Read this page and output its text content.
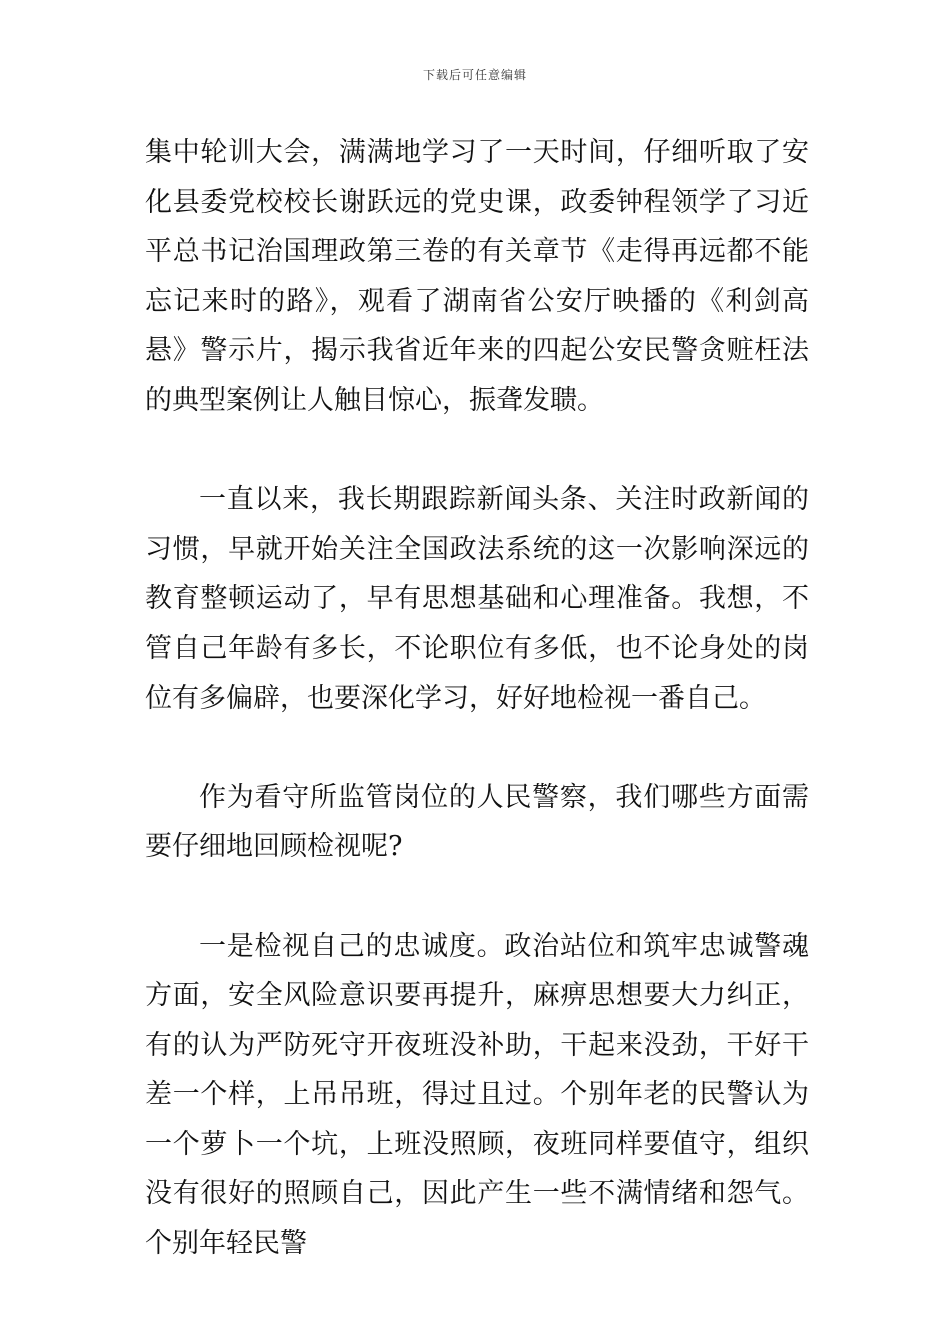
下载后可任意编辑

集中轮训大会，满满地学习了一天时间，仔细听取了安化县委党校校长谢跃远的党史课，政委钟程领学了习近平总书记治国理政第三卷的有关章节《走得再远都不能忘记来时的路》，观看了湖南省公安厅映播的《利剑高悬》警示片，揭示我省近年来的四起公安民警贪赃枉法的典型案例让人触目惊心，振聋发聩。

一直以来，我长期跟踪新闻头条、关注时政新闻的习惯，早就开始关注全国政法系统的这一次影响深远的教育整顿运动了，早有思想基础和心理准备。我想，不管自己年龄有多长，不论职位有多低，也不论身处的岗位有多偏辟，也要深化学习，好好地检视一番自己。

作为看守所监管岗位的人民警察，我们哪些方面需要仔细地回顾检视呢?

一是检视自己的忠诚度。政治站位和筑牢忠诚警魂方面，安全风险意识要再提升，麻痹思想要大力纠正，有的认为严防死守开夜班没补助，干起来没劲，干好干差一个样，上吊吊班，得过且过。个别年老的民警认为一个萝卜一个坑，上班没照顾，夜班同样要值守，组织没有很好的照顾自己，因此产生一些不满情绪和怨气。个别年轻民警
